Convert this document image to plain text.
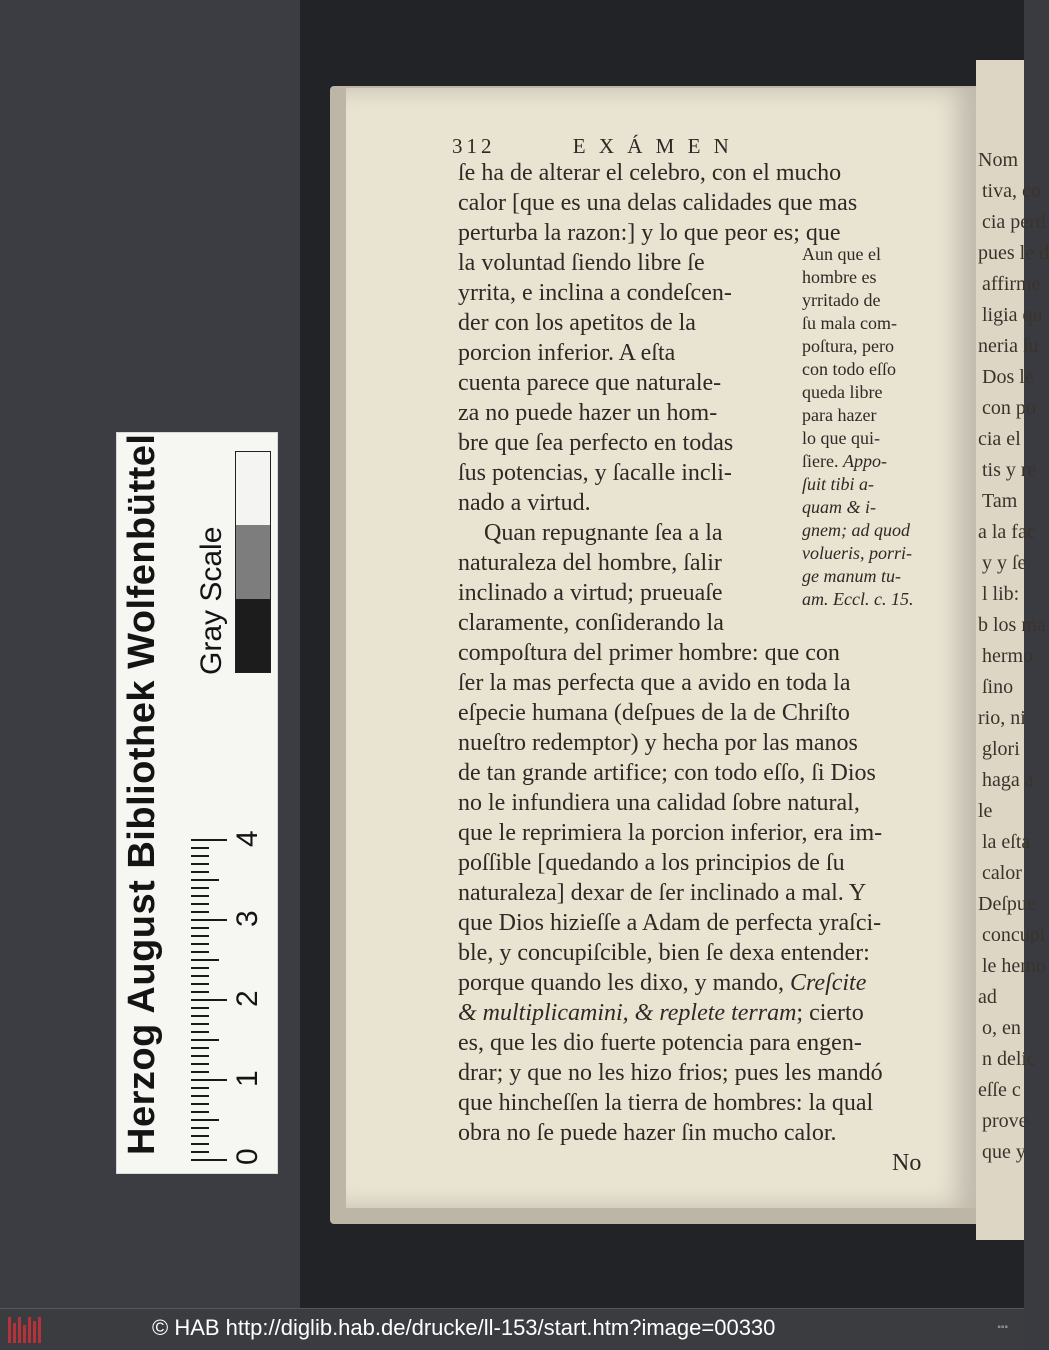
Herzog August Bibliothek Wolfenbüttel
0
1
2
3
4
Gray Scale
312	E X Á M E N
ſe ha de alterar el celebro, con el mucho
calor [que es una delas calidades que mas
perturba la razon:] y lo que peor es; que
la voluntad ſiendo libre ſe
yrrita, e inclina a condeſcen-
der con los apetitos de la
porcion inferior. A eſta
cuenta parece que naturale-
za no puede hazer un hom-
bre que ſea perfecto en todas
ſus potencias, y ſacalle incli-
nado a virtud.
Quan repugnante ſea a la
naturaleza del hombre, ſalir
inclinado a virtud; prueuaſe
claramente, conſiderando la
compoſtura del primer hombre: que con
ſer la mas perfecta que a avido en toda la
eſpecie humana (deſpues de la de Chriſto
nueſtro redemptor) y hecha por las manos
de tan grande artifice; con todo eſſo, ſi Dios
no le infundiera una calidad ſobre natural,
que le reprimiera la porcion inferior, era im-
poſſible [quedando a los principios de ſu
naturaleza] dexar de ſer inclinado a mal. Y
que Dios hizieſſe a Adam de perfecta yraſci-
ble, y concupiſcible, bien ſe dexa entender:
porque quando les dixo, y mando, Creſcite
& multiplicamini, & replete terram; cierto
es, que les dio fuerte potencia para engen-
drar; y que no les hizo frios; pues les mandó
que hincheſſen la tierra de hombres: la qual
obra no ſe puede hazer ſin mucho calor.
No
Aun que el
hombre es
yrritado de
ſu mala com-
poſtura, pero
con todo eſſo
queda libre
para hazer
lo que qui-
ſiere. Appo-
ſuit tibi a-
quam & i-
gnem; ad quod
volueris, porri-
ge manum tu-
am. Eccl. c. 15.
Nom
tiva, co
cia perd
pues le d
affirme
ligia qu
neria ſu
Dos le
con po
cia el
tis y re
Tam
a la fac
y y ſe
l lib:
b los ma
hermo
ſino
rio, ni
glori
haga a
le
la eſta
calor
Deſpue
concupi
le hemo
ad
o, en
n delic
eſſe c
prove
que y
© HAB http://diglib.hab.de/drucke/ll-153/start.htm?image=00330	▪▪▪
